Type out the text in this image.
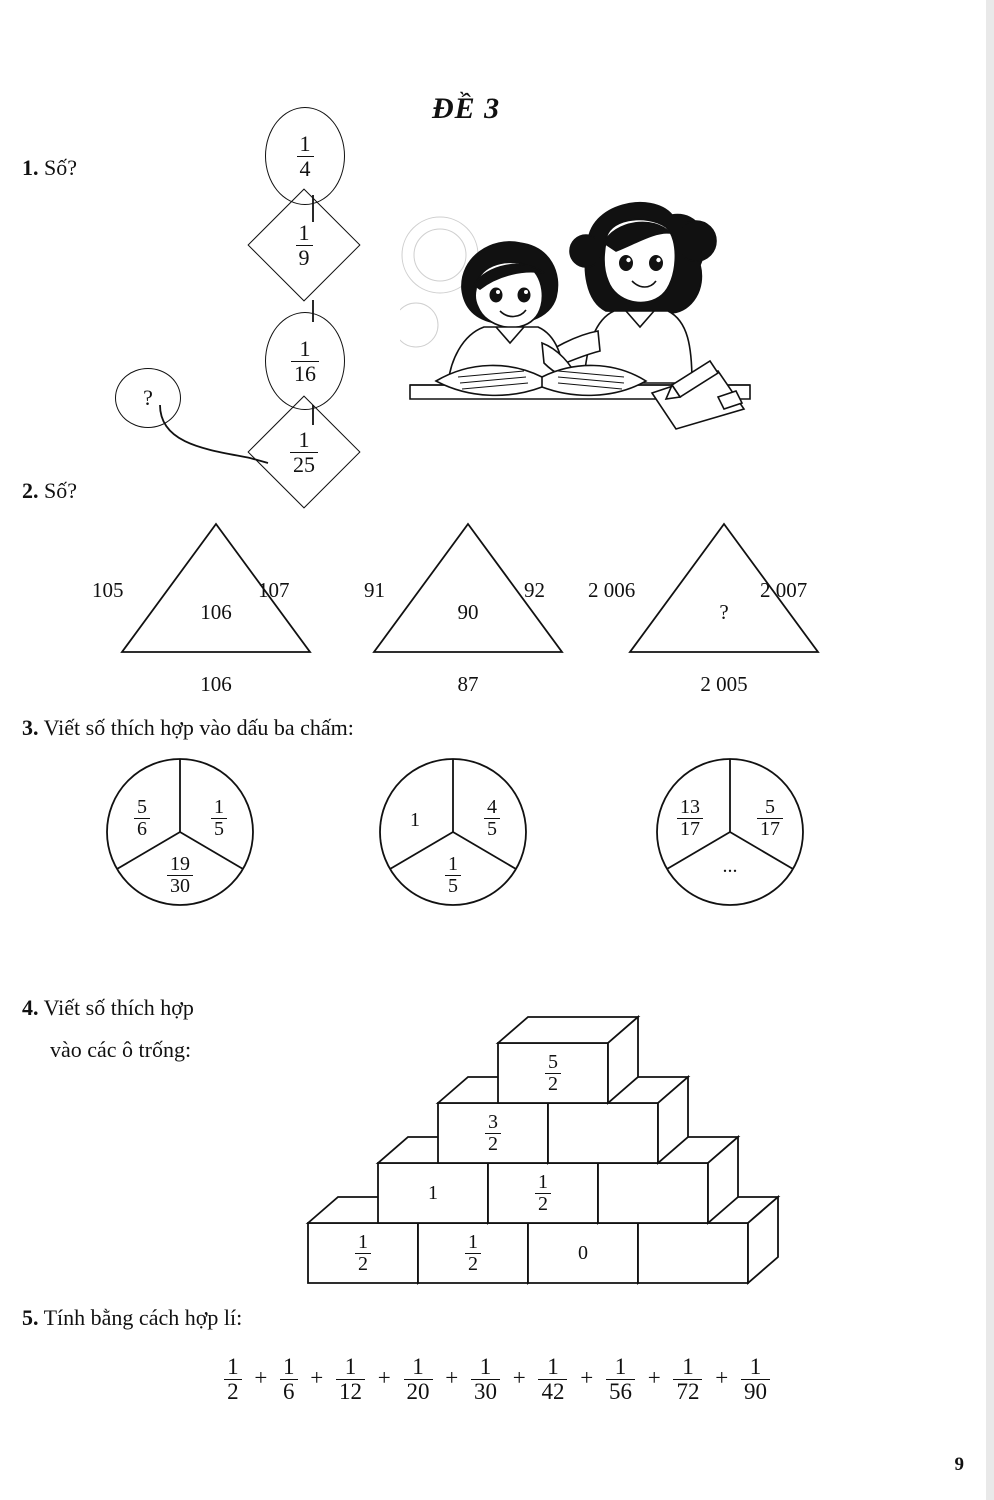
ĐỀ 3
1. Số?	$\frac{1}{4}$
$\frac{1}{9}$
$\frac{1}{16}$
$\frac{1}{25}$
?
2. Số?
106
105	107
106
90
91	92
87
?
2 006	2 007
2 005
3. Viết số thích hợp vào dấu ba chấm:
$\frac{5}{6}$	$\frac{1}{5}$
$\frac{19}{30}$
1	$\frac{4}{5}$
$\frac{1}{5}$
$\frac{13}{17}$	$\frac{5}{17}$
...
4. Viết số thích hợp
vào các ô trống:
$\frac{5}{2}$
$\frac{3}{2}$
1	$\frac{1}{2}$
$\frac{1}{2}$	$\frac{1}{2}$	0
5. Tính bằng cách hợp lí:
$\frac{1}{2} + \frac{1}{6} + \frac{1}{12} + \frac{1}{20} + \frac{1}{30} + \frac{1}{42} + \frac{1}{56} + \frac{1}{72} + \frac{1}{90}$
9
